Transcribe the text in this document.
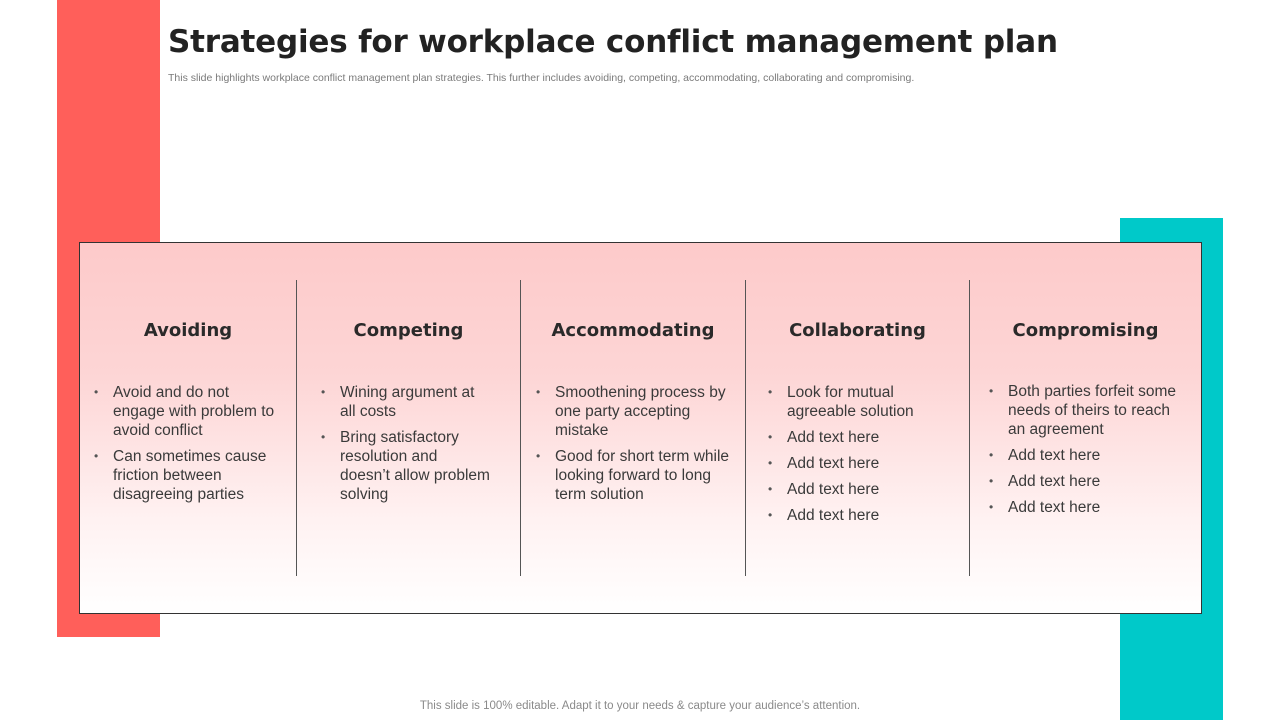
Strategies for workplace conflict management plan
This slide highlights workplace conflict management plan strategies. This further includes avoiding, competing, accommodating, collaborating and compromising.
Avoiding
• Avoid and do not engage with problem to avoid conflict
• Can sometimes cause friction between disagreeing parties
Competing
• Wining argument at all costs
• Bring satisfactory resolution and doesn’t allow problem solving
Accommodating
• Smoothening process by one party accepting mistake
• Good for short term while looking forward to long term solution
Collaborating
• Look for mutual agreeable solution
• Add text here
• Add text here
• Add text here
• Add text here
Compromising
• Both parties forfeit some needs of theirs to reach an agreement
• Add text here
• Add text here
• Add text here
This slide is 100% editable. Adapt it to your needs & capture your audience’s attention.
